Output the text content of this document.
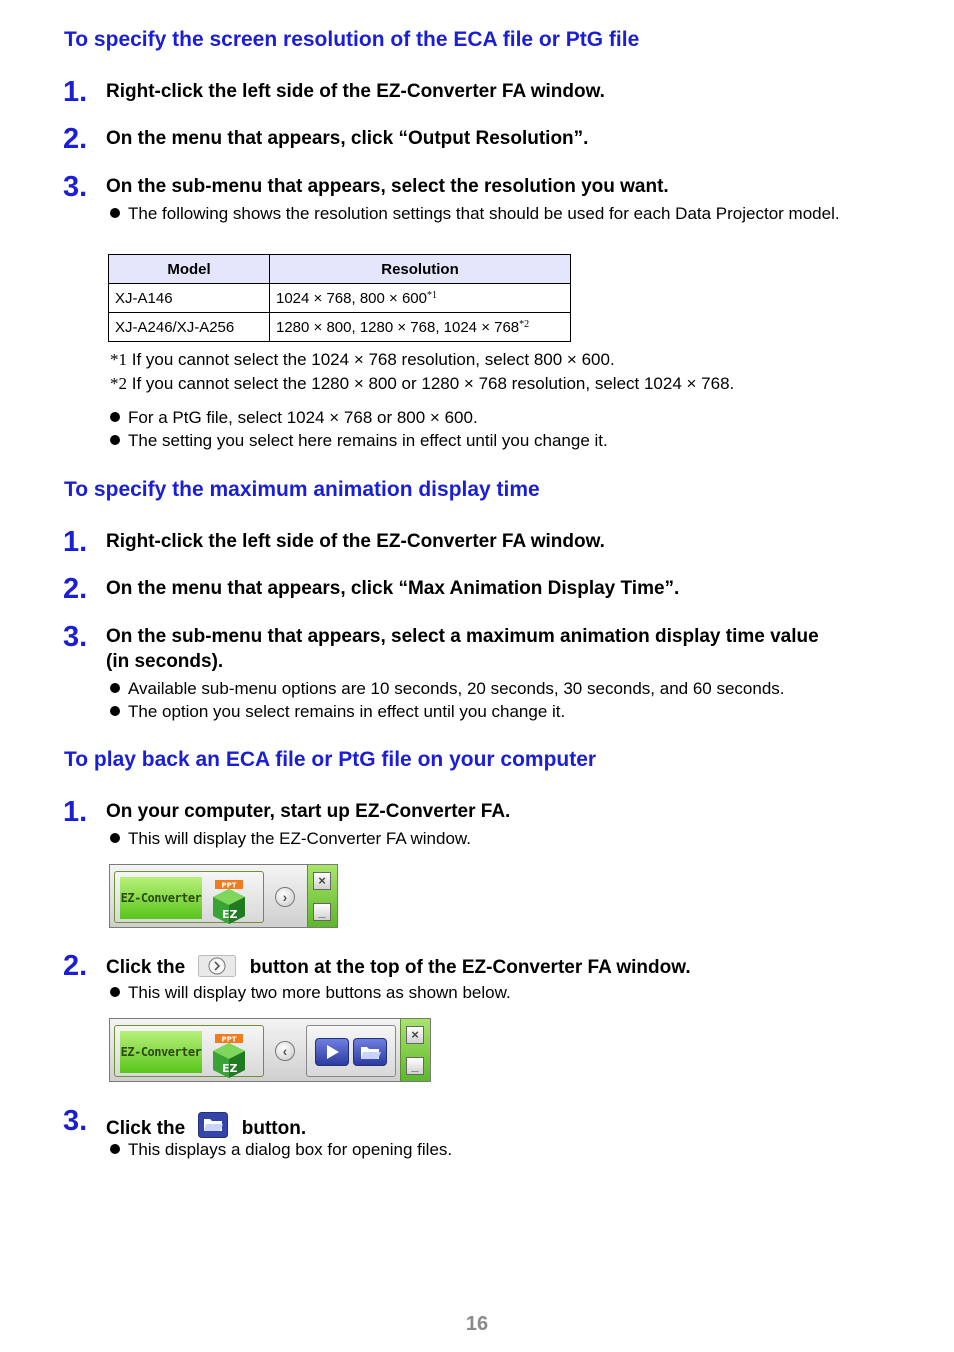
To specify the screen resolution of the ECA file or PtG file
1. Right-click the left side of the EZ-Converter FA window.
2. On the menu that appears, click “Output Resolution”.
3. On the sub-menu that appears, select the resolution you want.
The following shows the resolution settings that should be used for each Data Projector model.
Model	Resolution
XJ-A146	1024 × 768, 800 × 600$^{*1}$
XJ-A246/XJ-A256	1280 × 800, 1280 × 768, 1024 × 768$^{*2}$
*1 If you cannot select the 1024 × 768 resolution, select 800 × 600.
*2 If you cannot select the 1280 × 800 or 1280 × 768 resolution, select 1024 × 768.
For a PtG file, select 1024 × 768 or 800 × 600.
The setting you select here remains in effect until you change it.
To specify the maximum animation display time
1. Right-click the left side of the EZ-Converter FA window.
2. On the menu that appears, click “Max Animation Display Time”.
3. On the sub-menu that appears, select a maximum animation display time value
(in seconds).
Available sub-menu options are 10 seconds, 20 seconds, 30 seconds, and 60 seconds.
The option you select remains in effect until you change it.
To play back an ECA file or PtG file on your computer
1. On your computer, start up EZ-Converter FA.
This will display the EZ-Converter FA window.
EZ-Converter
PPT
EZ
›
×
_
2. Click the	button at the top of the EZ-Converter FA window.
This will display two more buttons as shown below.
EZ-Converter
PPT
EZ
‹
×
_
3. Click the	button.
This displays a dialog box for opening files.
16
